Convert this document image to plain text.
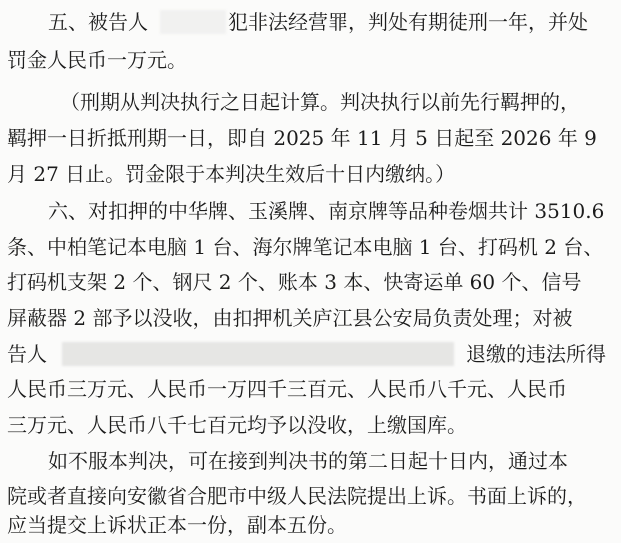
五、被告人	犯非法经营罪，判处有期徒刑一年，并处
罚金人民币一万元。
（刑期从判决执行之日起计算。判决执行以前先行羁押的，
羁押一日折抵刑期一日，即自 2025 年 11 月 5 日起至 2026 年 9
月 27 日止。罚金限于本判决生效后十日内缴纳。）
六、对扣押的中华牌、玉溪牌、南京牌等品种卷烟共计 3510.6
条、中柏笔记本电脑 1 台、海尔牌笔记本电脑 1 台、打码机 2 台、
打码机支架 2 个、钢尺 2 个、账本 3 本、快寄运单 60 个、信号
屏蔽器 2 部予以没收，由扣押机关庐江县公安局负责处理；对被
告人	退缴的违法所得
人民币三万元、人民币一万四千三百元、人民币八千元、人民币
三万元、人民币八千七百元均予以没收，上缴国库。
如不服本判决，可在接到判决书的第二日起十日内，通过本
院或者直接向安徽省合肥市中级人民法院提出上诉。书面上诉的，
应当提交上诉状正本一份，副本五份。
